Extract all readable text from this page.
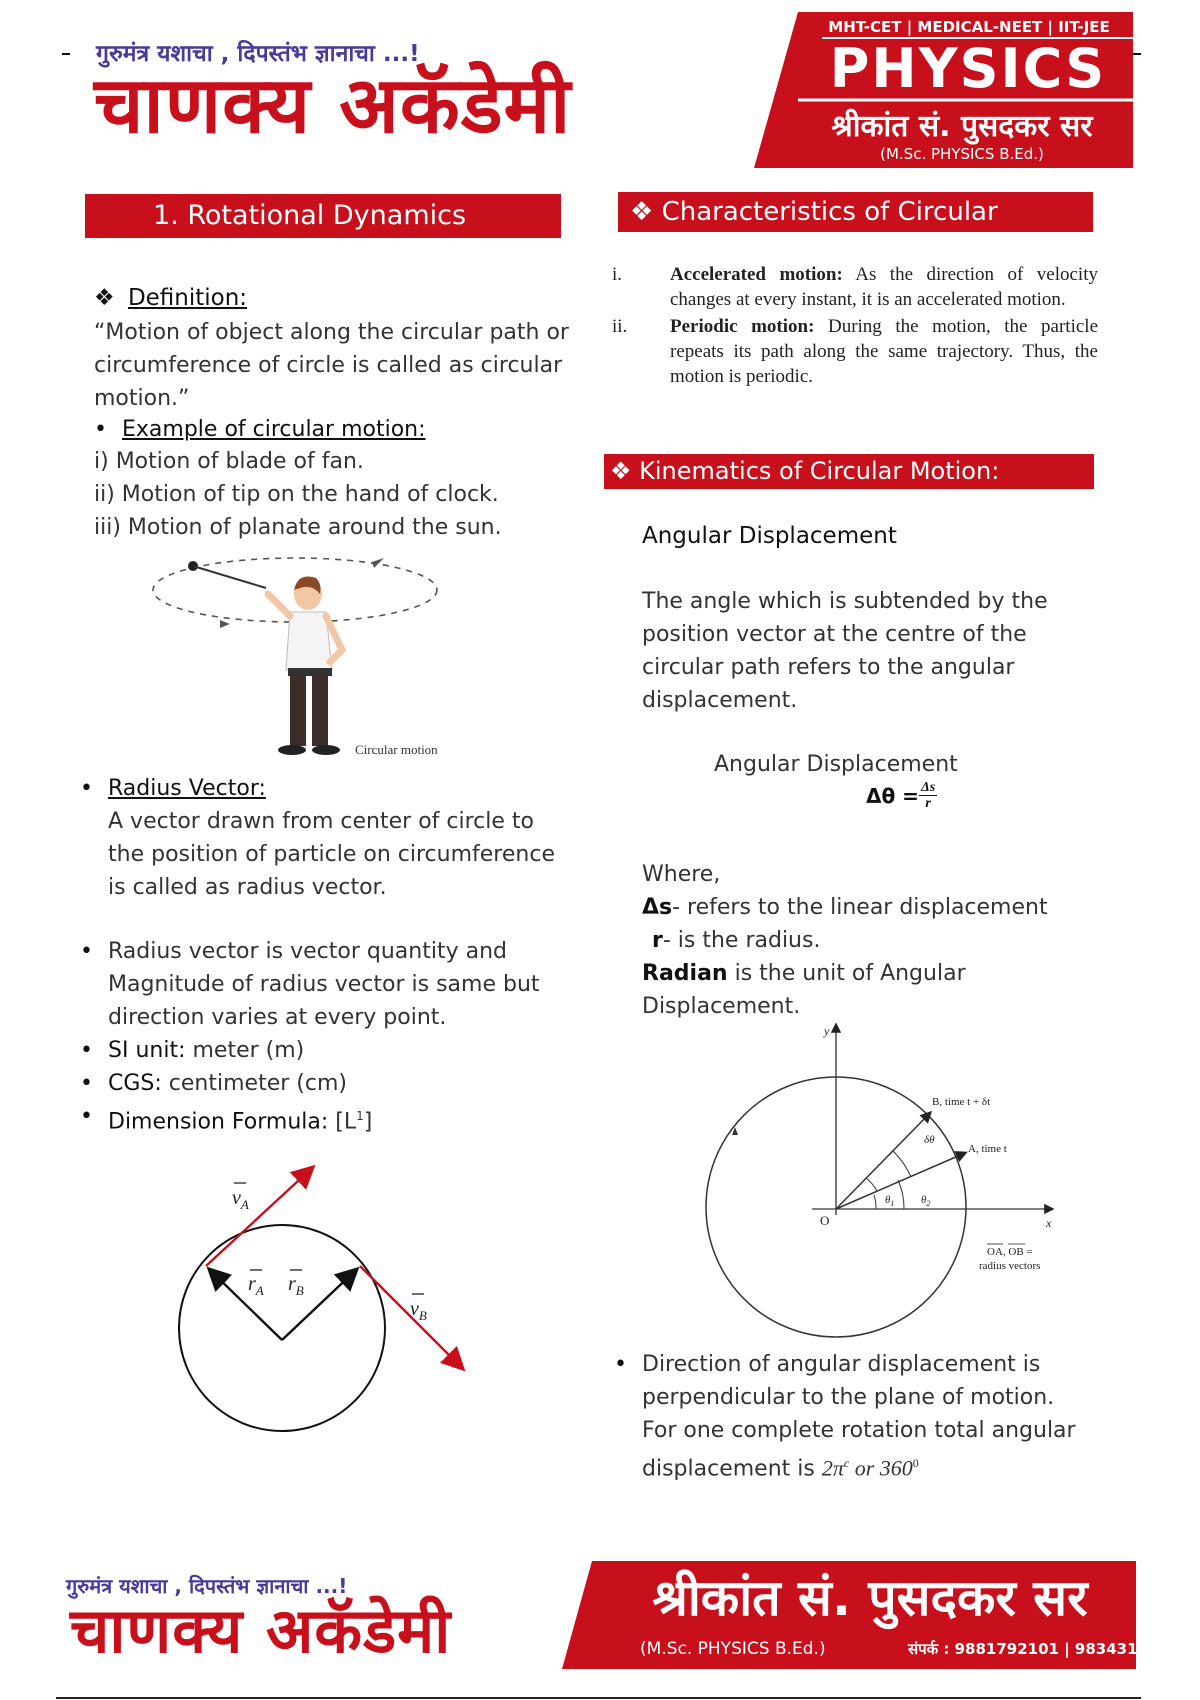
गुरुमंत्र यशाचा , दिपस्तंभ ज्ञानाचा ...!
चाणक्य अकॅडेमी
MHT-CET | MEDICAL-NEET | IIT-JEE
PHYSICS
श्रीकांत सं. पुसदकर सर
(M.Sc. PHYSICS B.Ed.)
1. Rotational Dynamics
❖ Definition:
“Motion of object along the circular path or circumference of circle is called as circular motion.”
• Example of circular motion:
i) Motion of blade of fan.
ii) Motion of tip on the hand of clock.
iii) Motion of planate around the sun.
Circular motion
• Radius Vector:
A vector drawn from center of circle to the position of particle on circumference is called as radius vector.
• Radius vector is vector quantity and Magnitude of radius vector is same but direction varies at every point.
• SI unit: meter (m)
• CGS: centimeter (cm)
• Dimension Formula: $[L^1]$
$v_A$
$v_B$
$r_A$ $r_B$
❖ Characteristics of Circular Motion
i.	Accelerated motion: As the direction of velocity changes at every instant, it is an accelerated motion.
ii.	Periodic motion: During the motion, the particle repeats its path along the same trajectory. Thus, the motion is periodic.
❖ Kinematics of Circular Motion:
Angular Displacement
The angle which is subtended by the position vector at the centre of the circular path refers to the angular displacement.
Angular Displacement
$\Delta\theta = \frac{\Delta s}{r}$
Where,
Δs- refers to the linear displacement
r- is the radius.
Radian is the unit of Angular Displacement.
y
x
O
B, time t + δt
A, time t
δθ
$\theta_1$ $\theta_2$
OA, OB =
radius vectors
• Direction of angular displacement is perpendicular to the plane of motion.
For one complete rotation total angular displacement is $2\pi^c$ or $360^0$
गुरुमंत्र यशाचा , दिपस्तंभ ज्ञानाचा ...!
चाणक्य अकॅडेमी	श्रीकांत सं. पुसदकर सर
(M.Sc. PHYSICS B.Ed.)	संपर्क : 9881792101 | 9834315869
